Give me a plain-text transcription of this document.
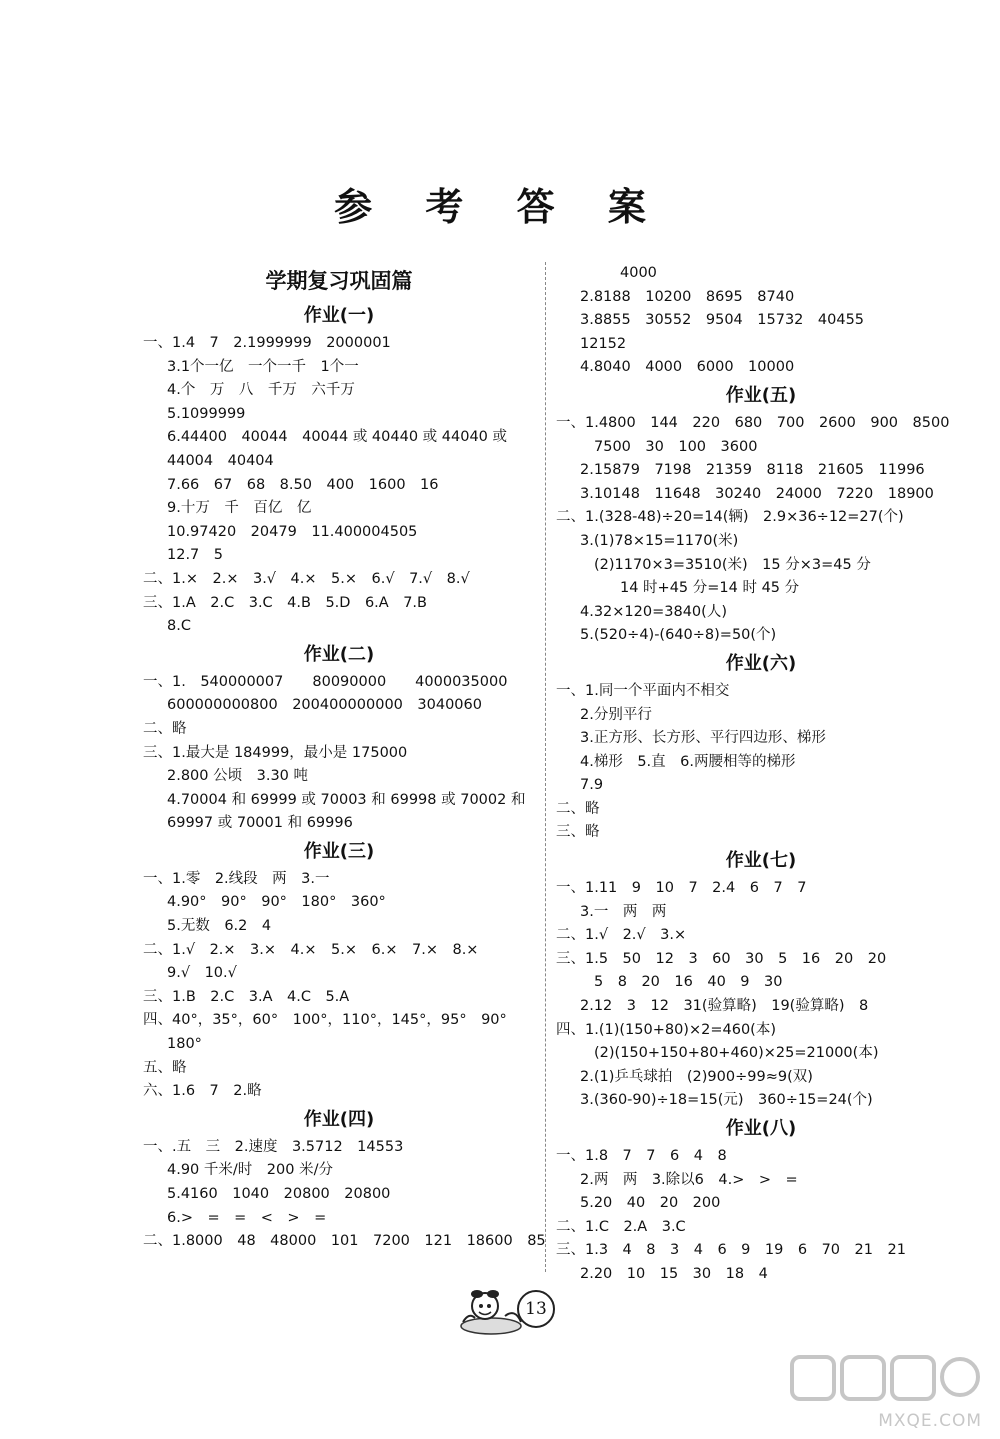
参 考 答 案
学期复习巩固篇
作业(一)
一、1.4　7　2.1999999　2000001
3.1个一亿　一个一千　1个一
4.个　万　八　千万　六千万
5.1099999
6.44400　40044　40044 或 40440 或 44040 或
44004　40404
7.66　67　68　8.50　400　1600　16
9.十万　千　百亿　亿
10.97420　20479　11.400004505
12.7　5
二、1.×　2.×　3.√　4.×　5.×　6.√　7.√　8.√
三、1.A　2.C　3.C　4.B　5.D　6.A　7.B
8.C
作业(二)
一、1.　540000007　　80090000　　4000035000
600000000800　200400000000　3040060
二、略
三、1.最大是 184999，最小是 175000
2.800 公顷　3.30 吨
4.70004 和 69999 或 70003 和 69998 或 70002 和
69997 或 70001 和 69996
作业(三)
一、1.零　2.线段　两　3.一
4.90°　90°　90°　180°　360°
5.无数　6.2　4
二、1.√　2.×　3.×　4.×　5.×　6.×　7.×　8.×
9.√　10.√
三、1.B　2.C　3.A　4.C　5.A
四、40°，35°，60°　100°，110°，145°，95°　90°
180°
五、略
六、1.6　7　2.略
作业(四)
一、.五　三　2.速度　3.5712　14553
4.90 千米/时　200 米/分
5.4160　1040　20800　20800
6.>　=　=　<　>　=
二、1.8000　48　48000　101　7200　121　18600　85
4000
2.8188　10200　8695　8740
3.8855　30552　9504　15732　40455
12152
4.8040　4000　6000　10000
作业(五)
一、1.4800　144　220　680　700　2600　900　8500
7500　30　100　3600
2.15879　7198　21359　8118　21605　11996
3.10148　11648　30240　24000　7220　18900
二、1.(328-48)÷20=14(辆)　2.9×36÷12=27(个)
3.(1)78×15=1170(米)
(2)1170×3=3510(米)　15 分×3=45 分
14 时+45 分=14 时 45 分
4.32×120=3840(人)
5.(520÷4)-(640÷8)=50(个)
作业(六)
一、1.同一个平面内不相交
2.分别平行
3.正方形、长方形、平行四边形、梯形
4.梯形　5.直　6.两腰相等的梯形
7.9
二、略
三、略
作业(七)
一、1.11　9　10　7　2.4　6　7　7
3.一　两　两
二、1.√　2.√　3.×
三、1.5　50　12　3　60　30　5　16　20　20
5　8　20　16　40　9　30
2.12　3　12　31(验算略)　19(验算略)　8
四、1.(1)(150+80)×2=460(本)
(2)(150+150+80+460)×25=21000(本)
2.(1)乒乓球拍　(2)900÷99≈9(双)
3.(360-90)÷18=15(元)　360÷15=24(个)
作业(八)
一、1.8　7　7　6　4　8
2.两　两　3.除以6　4.>　>　=
5.20　40　20　200
二、1.C　2.A　3.C
三、1.3　4　8　3　4　6　9　19　6　70　21　21
2.20　10　15　30　18　4
13
MXQE.COM
